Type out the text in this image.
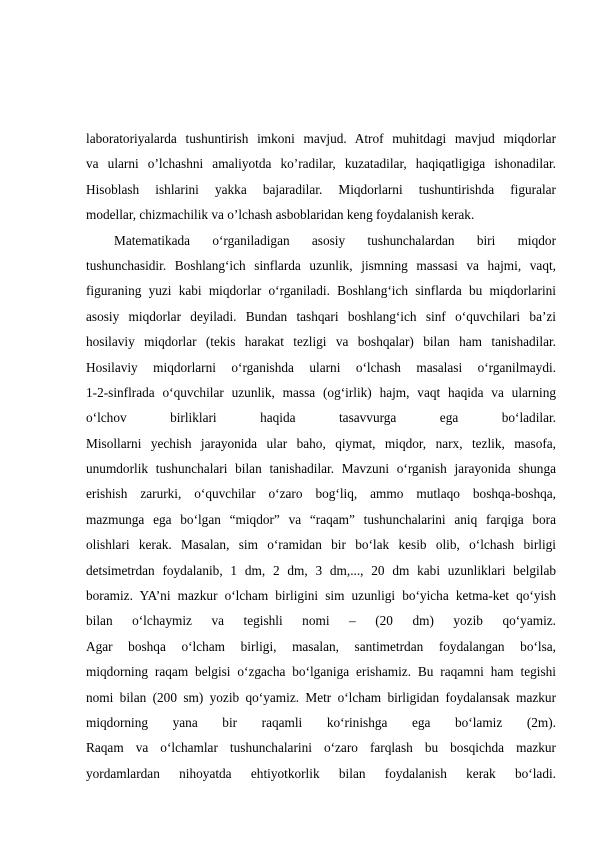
laboratoriyalarda tushuntirish imkoni mavjud. Atrof muhitdagi mavjud miqdorlar
va ularni o’lchashni amaliyotda ko’radilar, kuzatadilar, haqiqatligiga ishonadilar.
Hisoblash ishlarini yakka bajaradilar. Miqdorlarni tushuntirishda figuralar
modellar, chizmachilik va o’lchash asboblaridan keng foydalanish kerak.
Matematikada o‘rganiladigan asosiy tushunchalardan biri miqdor
tushunchasidir. Boshlang‘ich sinflarda uzunlik, jismning massasi va hajmi, vaqt,
figuraning yuzi kabi miqdorlar o‘rganiladi. Boshlang‘ich sinflarda bu miqdorlarini
asosiy miqdorlar deyiladi. Bundan tashqari boshlang‘ich sinf o‘quvchilari ba’zi
hosilaviy miqdorlar (tekis harakat tezligi va boshqalar) bilan ham tanishadilar.
Hosilaviy miqdorlarni o‘rganishda ularni o‘lchash masalasi o‘rganilmaydi.
1-2-sinflrada o‘quvchilar uzunlik, massa (og‘irlik) hajm, vaqt haqida va ularning
o‘lchov birliklari haqida tasavvurga ega bo‘ladilar.
Misollarni yechish jarayonida ular baho, qiymat, miqdor, narx, tezlik, masofa,
unumdorlik tushunchalari bilan tanishadilar. Mavzuni o‘rganish jarayonida shunga
erishish zarurki, o‘quvchilar o‘zaro bog‘liq, ammo mutlaqo boshqa-boshqa,
mazmunga ega bo‘lgan “miqdor” va “raqam” tushunchalarini aniq farqiga bora
olishlari kerak. Masalan, sim o‘ramidan bir bo‘lak kesib olib, o‘lchash birligi
detsimetrdan foydalanib, 1 dm, 2 dm, 3 dm,..., 20 dm kabi uzunliklari belgilab
boramiz. YA’ni mazkur o‘lcham birligini sim uzunligi bo‘yicha ketma-ket qo‘yish
bilan o‘lchaymiz va tegishli nomi – (20 dm) yozib qo‘yamiz.
Agar boshqa o‘lcham birligi, masalan, santimetrdan foydalangan bo‘lsa,
miqdorning raqam belgisi o‘zgacha bo‘lganiga erishamiz. Bu raqamni ham tegishi
nomi bilan (200 sm) yozib qo‘yamiz. Metr o‘lcham birligidan foydalansak mazkur
miqdorning yana bir raqamli ko‘rinishga ega bo‘lamiz (2m).
Raqam va o‘lchamlar tushunchalarini o‘zaro farqlash bu bosqichda mazkur
yordamlardan nihoyatda ehtiyotkorlik bilan foydalanish kerak bo‘ladi.
